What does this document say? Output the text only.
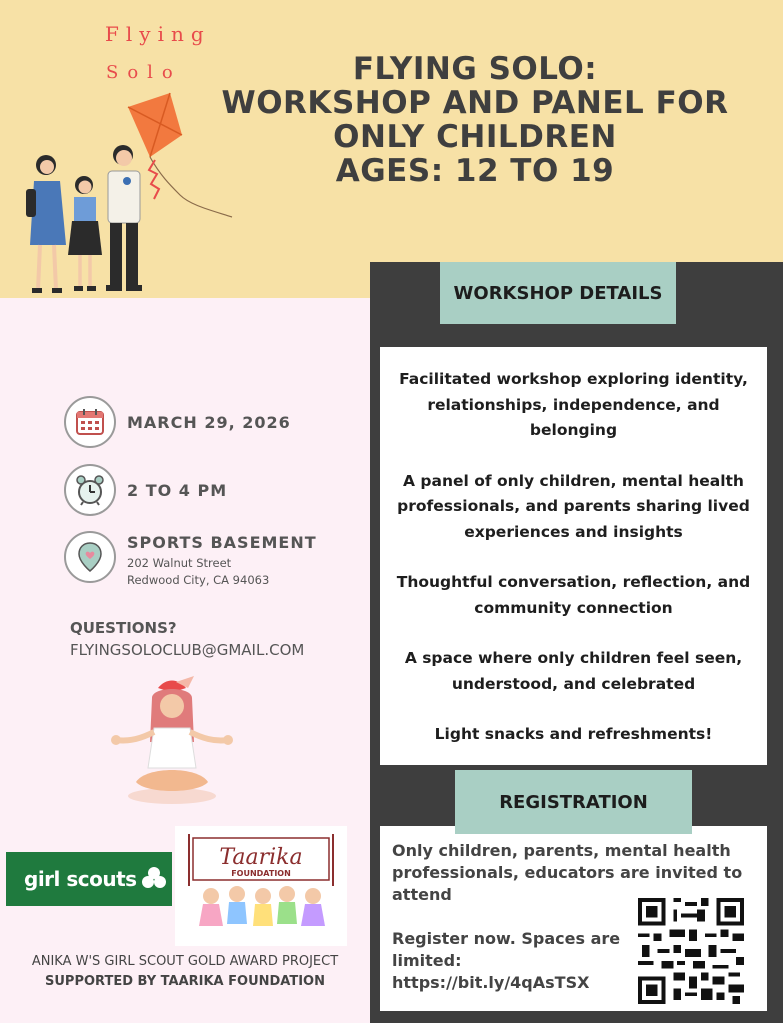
Flying
Solo	FLYING SOLO:
WORKSHOP AND PANEL FOR
ONLY CHILDREN
AGES: 12 TO 19
WORKSHOP DETAILS

Facilitated workshop exploring identity, relationships, independence, and belonging

A panel of only children, mental health professionals, and parents sharing lived experiences and insights

Thoughtful conversation, reflection, and community connection

A space where only children feel seen, understood, and celebrated

Light snacks and refreshments!

Only children, parents, mental health professionals, educators are invited to attend
Register now. Spaces are limited:
https://bit.ly/4qAsTSX
REGISTRATION
MARCH 29, 2026
2 TO 4 PM
SPORTS BASEMENT
202 Walnut Street
Redwood City, CA 94063
QUESTIONS?
FLYINGSOLOCLUB@GMAIL.COM
girl scouts
Taarika
FOUNDATION
ANIKA W'S GIRL SCOUT GOLD AWARD PROJECT
SUPPORTED BY TAARIKA FOUNDATION
